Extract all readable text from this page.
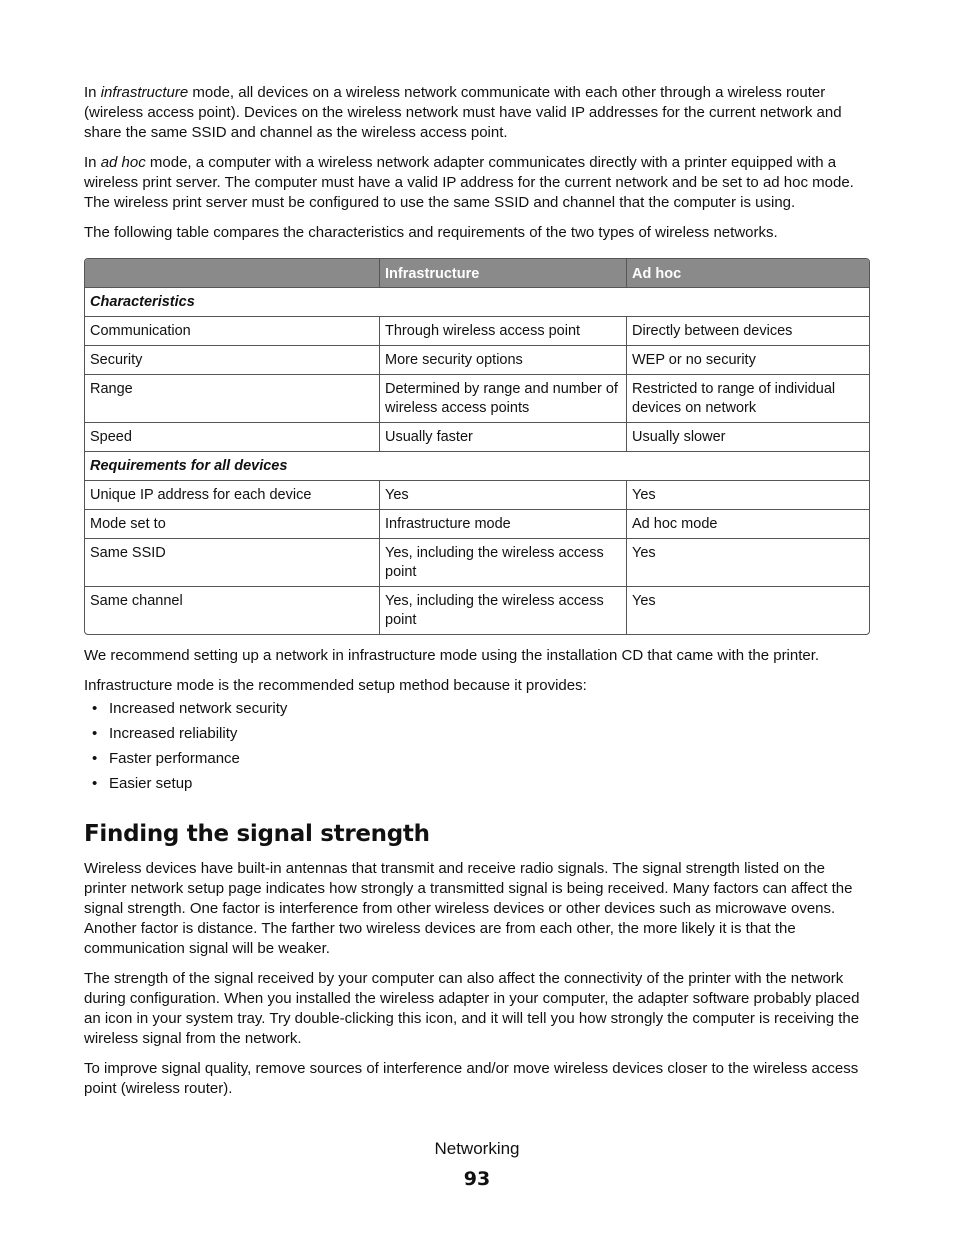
In infrastructure mode, all devices on a wireless network communicate with each other through a wireless router (wireless access point). Devices on the wireless network must have valid IP addresses for the current network and share the same SSID and channel as the wireless access point.

In ad hoc mode, a computer with a wireless network adapter communicates directly with a printer equipped with a wireless print server. The computer must have a valid IP address for the current network and be set to ad hoc mode. The wireless print server must be configured to use the same SSID and channel that the computer is using.

The following table compares the characteristics and requirements of the two types of wireless networks.

	Infrastructure	Ad hoc
Characteristics		
Communication	Through wireless access point	Directly between devices
Security	More security options	WEP or no security
Range	Determined by range and number of wireless access points	Restricted to range of individual devices on network
Speed	Usually faster	Usually slower
Requirements for all devices		
Unique IP address for each device	Yes	Yes
Mode set to	Infrastructure mode	Ad hoc mode
Same SSID	Yes, including the wireless access point	Yes
Same channel	Yes, including the wireless access point	Yes

We recommend setting up a network in infrastructure mode using the installation CD that came with the printer.

Infrastructure mode is the recommended setup method because it provides:

• Increased network security
• Increased reliability
• Faster performance
• Easier setup
Finding the signal strength

Wireless devices have built-in antennas that transmit and receive radio signals. The signal strength listed on the printer network setup page indicates how strongly a transmitted signal is being received. Many factors can affect the signal strength. One factor is interference from other wireless devices or other devices such as microwave ovens. Another factor is distance. The farther two wireless devices are from each other, the more likely it is that the communication signal will be weaker.

The strength of the signal received by your computer can also affect the connectivity of the printer with the network during configuration. When you installed the wireless adapter in your computer, the adapter software probably placed an icon in your system tray. Try double-clicking this icon, and it will tell you how strongly the computer is receiving the wireless signal from the network.

To improve signal quality, remove sources of interference and/or move wireless devices closer to the wireless access point (wireless router).

Networking
93
